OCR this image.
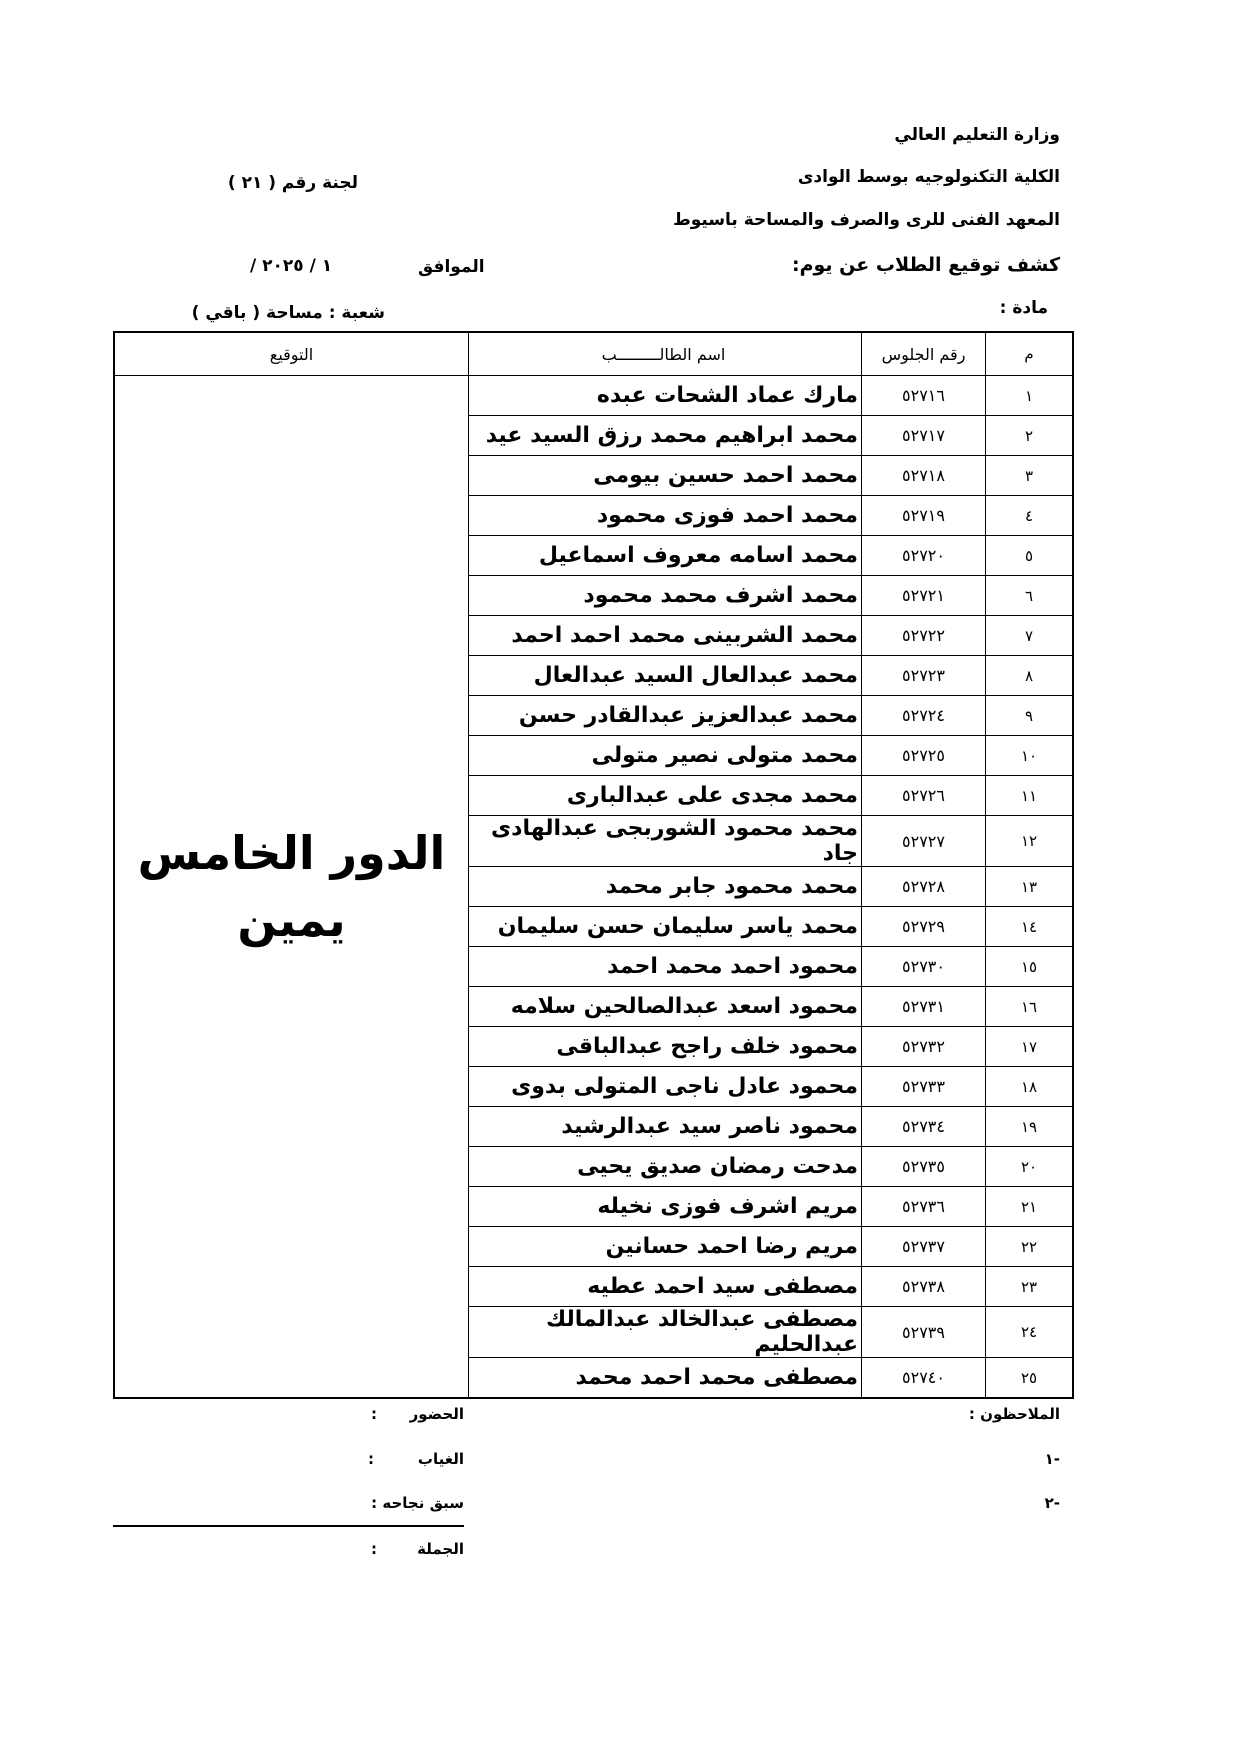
وزارة التعليم العالي
الكلية التكنولوجيه بوسط الوادى
المعهد الفنى للرى والصرف والمساحة باسيوط
كشف توقيع الطلاب عن يوم:
مادة :
لجنة رقم ( ٢١ )
الموافق
/ ١ / ٢٠٢٥
شعبة : مساحة ( باقي )
التوقيع	اسم الطالـــــــــب	رقم الجلوس	م

الدور الخامس
يمين	مارك عماد الشحات عبده	٥٢٧١٦	١
	محمد ابراهيم محمد رزق السيد عيد	٥٢٧١٧	٢
	محمد احمد حسين بيومى	٥٢٧١٨	٣
	محمد احمد فوزى محمود	٥٢٧١٩	٤
	محمد اسامه معروف اسماعيل	٥٢٧٢٠	٥
	محمد اشرف محمد محمود	٥٢٧٢١	٦
	محمد الشربينى محمد احمد احمد	٥٢٧٢٢	٧
	محمد عبدالعال السيد عبدالعال	٥٢٧٢٣	٨
	محمد عبدالعزيز عبدالقادر حسن	٥٢٧٢٤	٩
	محمد متولى نصير متولى	٥٢٧٢٥	١٠
	محمد مجدى على عبدالبارى	٥٢٧٢٦	١١
	محمد محمود الشوربجى عبدالهادى جاد	٥٢٧٢٧	١٢
	محمد محمود جابر محمد	٥٢٧٢٨	١٣
	محمد ياسر سليمان حسن سليمان	٥٢٧٢٩	١٤
	محمود احمد محمد احمد	٥٢٧٣٠	١٥
	محمود اسعد عبدالصالحين سلامه	٥٢٧٣١	١٦
	محمود خلف راجح عبدالباقى	٥٢٧٣٢	١٧
	محمود عادل ناجى المتولى بدوى	٥٢٧٣٣	١٨
	محمود ناصر سيد عبدالرشيد	٥٢٧٣٤	١٩
	مدحت رمضان صديق يحيى	٥٢٧٣٥	٢٠
	مريم اشرف فوزى نخيله	٥٢٧٣٦	٢١
	مريم رضا احمد حسانين	٥٢٧٣٧	٢٢
	مصطفى سيد احمد عطيه	٥٢٧٣٨	٢٣
	مصطفى عبدالخالد عبدالمالك عبدالحليم	٥٢٧٣٩	٢٤
	مصطفى محمد احمد محمد	٥٢٧٤٠	٢٥
الملاحظون :
-١
-٢
الحضور
:
الغياب
:
سبق نجاحه :
الجملة
:
